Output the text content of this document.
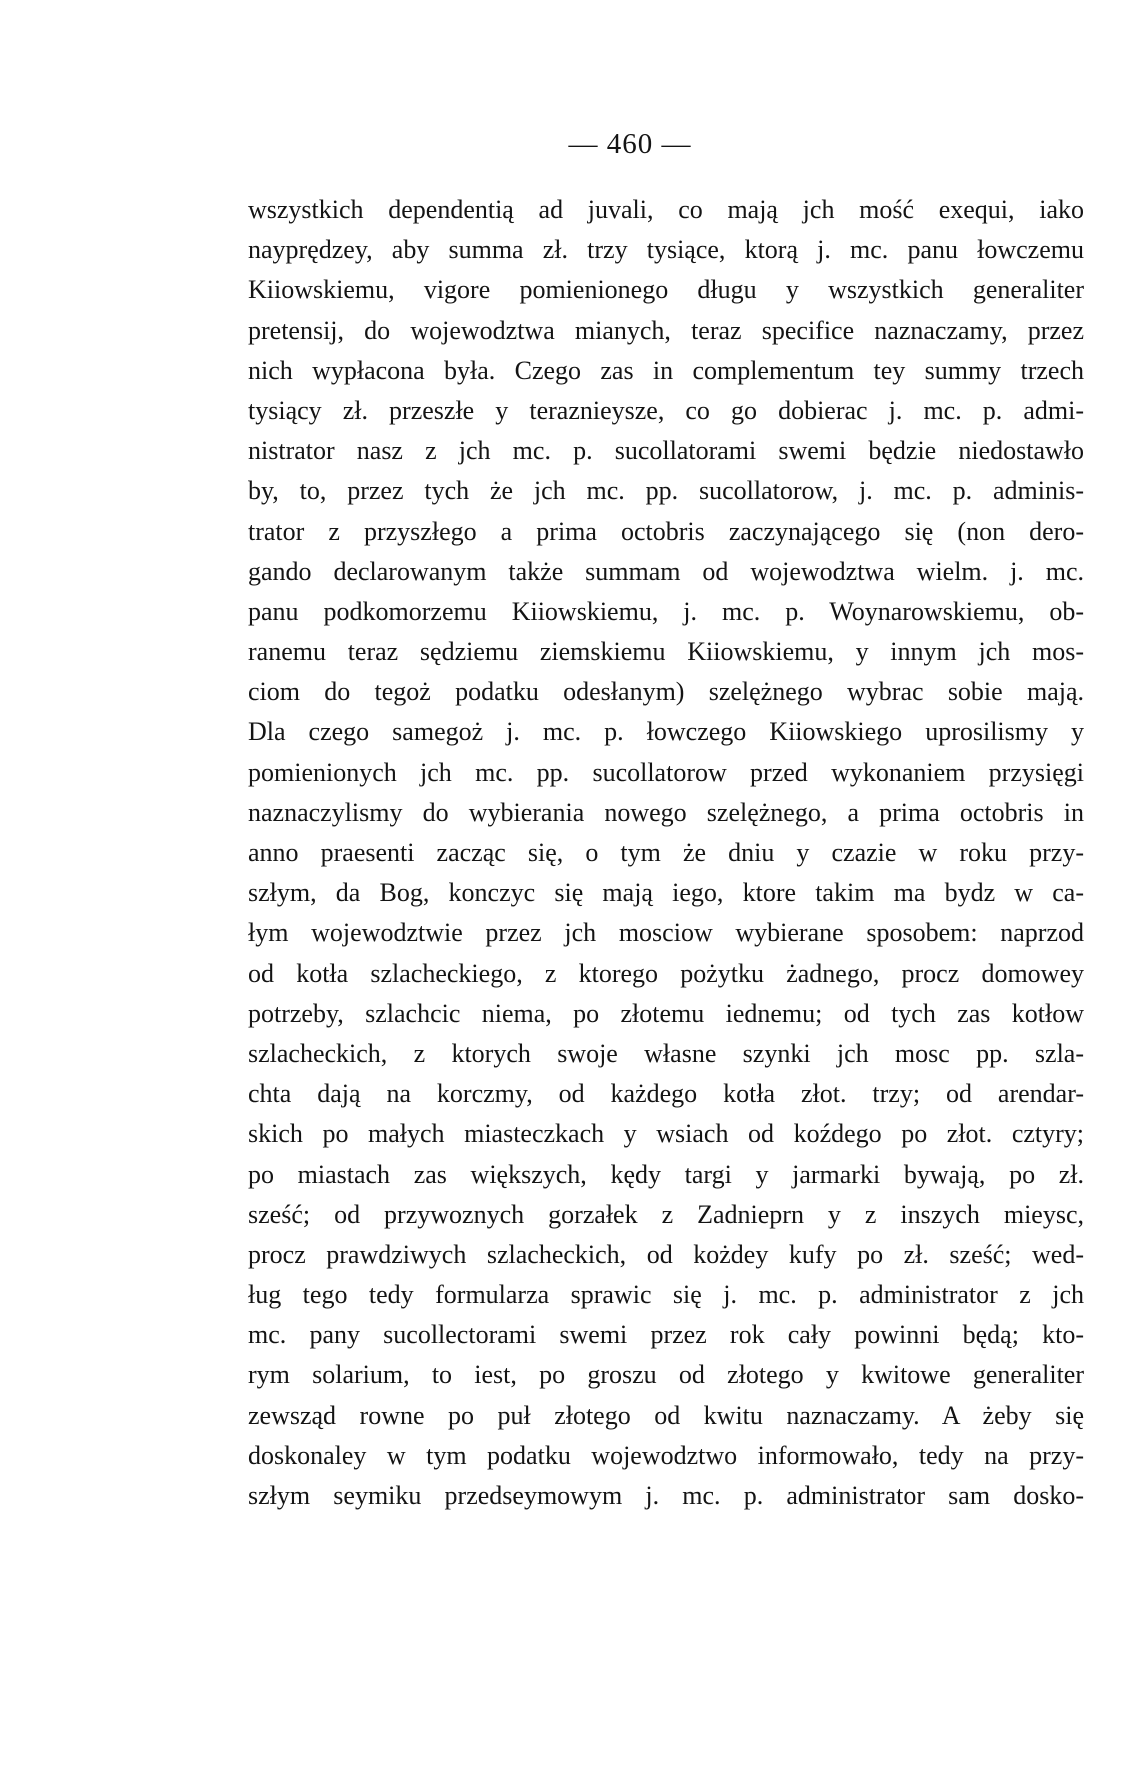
— 460 —
wszystkich dependentią ad juvali, co mają jch mość exequi, iako
nayprędzey, aby summa zł. trzy tysiące, ktorą j. mc. panu łowczemu
Kiiowskiemu, vigore pomienionego długu y wszystkich generaliter
pretensij, do wojewodztwa mianych, teraz specifice naznaczamy, przez
nich wypłacona była. Czego zas in complementum tey summy trzech
tysiący zł. przeszłe y teraznieysze, co go dobierac j. mc. p. admi-
nistrator nasz z jch mc. p. sucollatorami swemi będzie niedostawło
by, to, przez tych że jch mc. pp. sucollatorow, j. mc. p. adminis-
trator z przyszłego a prima octobris zaczynającego się (non dero-
gando declarowanym także summam od wojewodztwa wielm. j. mc.
panu podkomorzemu Kiiowskiemu, j. mc. p. Woynarowskiemu, ob-
ranemu teraz sędziemu ziemskiemu Kiiowskiemu, y innym jch mos-
ciom do tegoż podatku odesłanym) szelężnego wybrac sobie mają.
Dla czego samegoż j. mc. p. łowczego Kiiowskiego uprosilismy y
pomienionych jch mc. pp. sucollatorow przed wykonaniem przysięgi
naznaczylismy do wybierania nowego szelężnego, a prima octobris in
anno praesenti zacząc się, o tym że dniu y czazie w roku przy-
szłym, da Bog, konczyc się mają iego, ktore takim ma bydz w ca-
łym wojewodztwie przez jch mosciow wybierane sposobem: naprzod
od kotła szlacheckiego, z ktorego pożytku żadnego, procz domowey
potrzeby, szlachcic niema, po złotemu iednemu; od tych zas kotłow
szlacheckich, z ktorych swoje własne szynki jch mosc pp. szla-
chta dają na korczmy, od każdego kotła złot. trzy; od arendar-
skich po małych miasteczkach y wsiach od koźdego po złot. cztyry;
po miastach zas większych, kędy targi y jarmarki bywają, po zł.
sześć; od przywoznych gorzałek z Zadnieprn y z inszych mieysc,
procz prawdziwych szlacheckich, od kożdey kufy po zł. sześć; wed-
ług tego tedy formularza sprawic się j. mc. p. administrator z jch
mc. pany sucollectorami swemi przez rok cały powinni będą; kto-
rym solarium, to iest, po groszu od złotego y kwitowe generaliter
zewsząd rowne po puł złotego od kwitu naznaczamy. A żeby się
doskonaley w tym podatku wojewodztwo informowało, tedy na przy-
szłym seymiku przedseymowym j. mc. p. administrator sam dosko-
